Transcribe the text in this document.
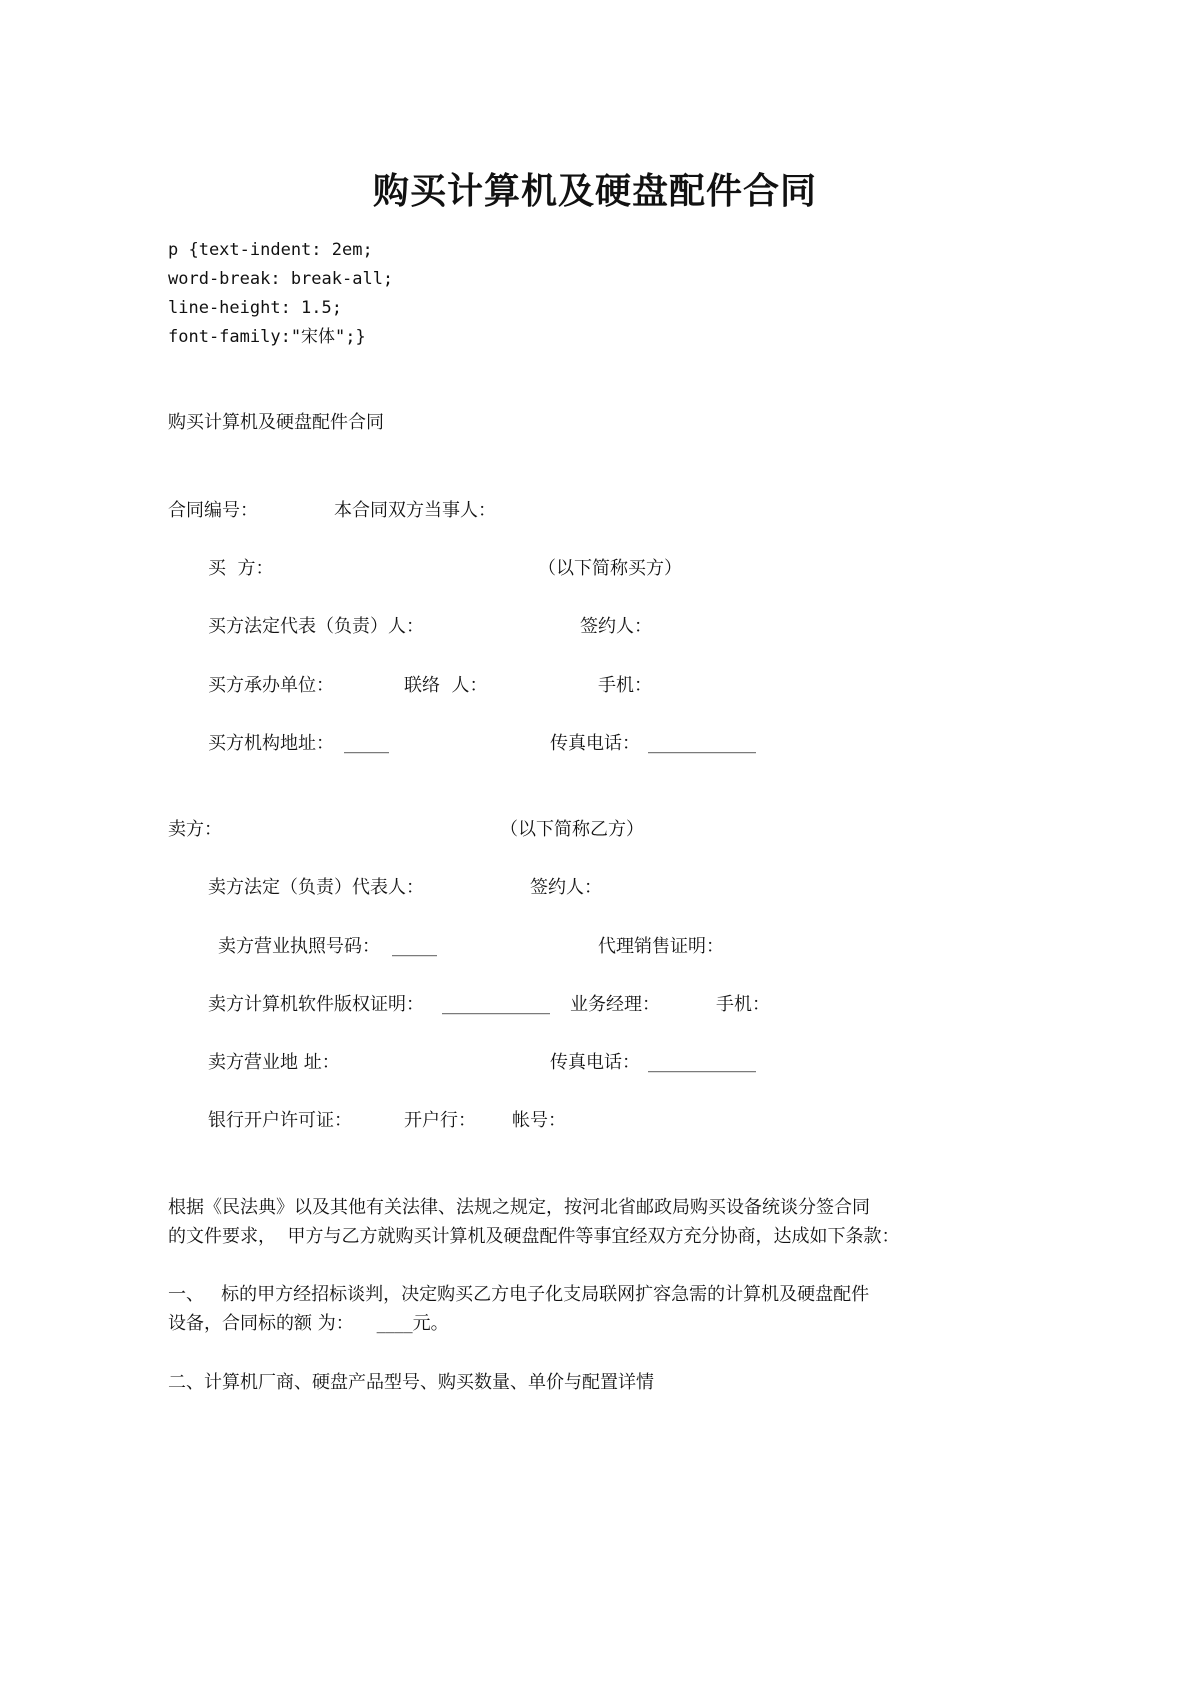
购买计算机及硬盘配件合同
p {text-indent: 2em;
word-break: break-all;
line-height: 1.5;
font-family:"宋体";}
购买计算机及硬盘配件合同
合同编号：	本合同双方当事人：
买  方：	（以下简称买方）
买方法定代表（负责）人：	签约人：
买方承办单位：	联络  人：	手机：
买方机构地址： _____	传真电话： ____________
卖方：	（以下简称乙方）
卖方法定（负责）代表人：	签约人：
卖方营业执照号码： _____	代理销售证明：
卖方计算机软件版权证明： ____________ 业务经理：	手机：
卖方营业地 址：	传真电话： ____________
银行开户许可证：	开户行： 帐号：
根据《民法典》以及其他有关法律、法规之规定，按河北省邮政局购买设备统谈分签合同
的文件要求，  甲方与乙方就购买计算机及硬盘配件等事宜经双方充分协商，达成如下条款：
一、   标的甲方经招标谈判，决定购买乙方电子化支局联网扩容急需的计算机及硬盘配件
设备，合同标的额 为：    ____元。
二、计算机厂商、硬盘产品型号、购买数量、单价与配置详情
